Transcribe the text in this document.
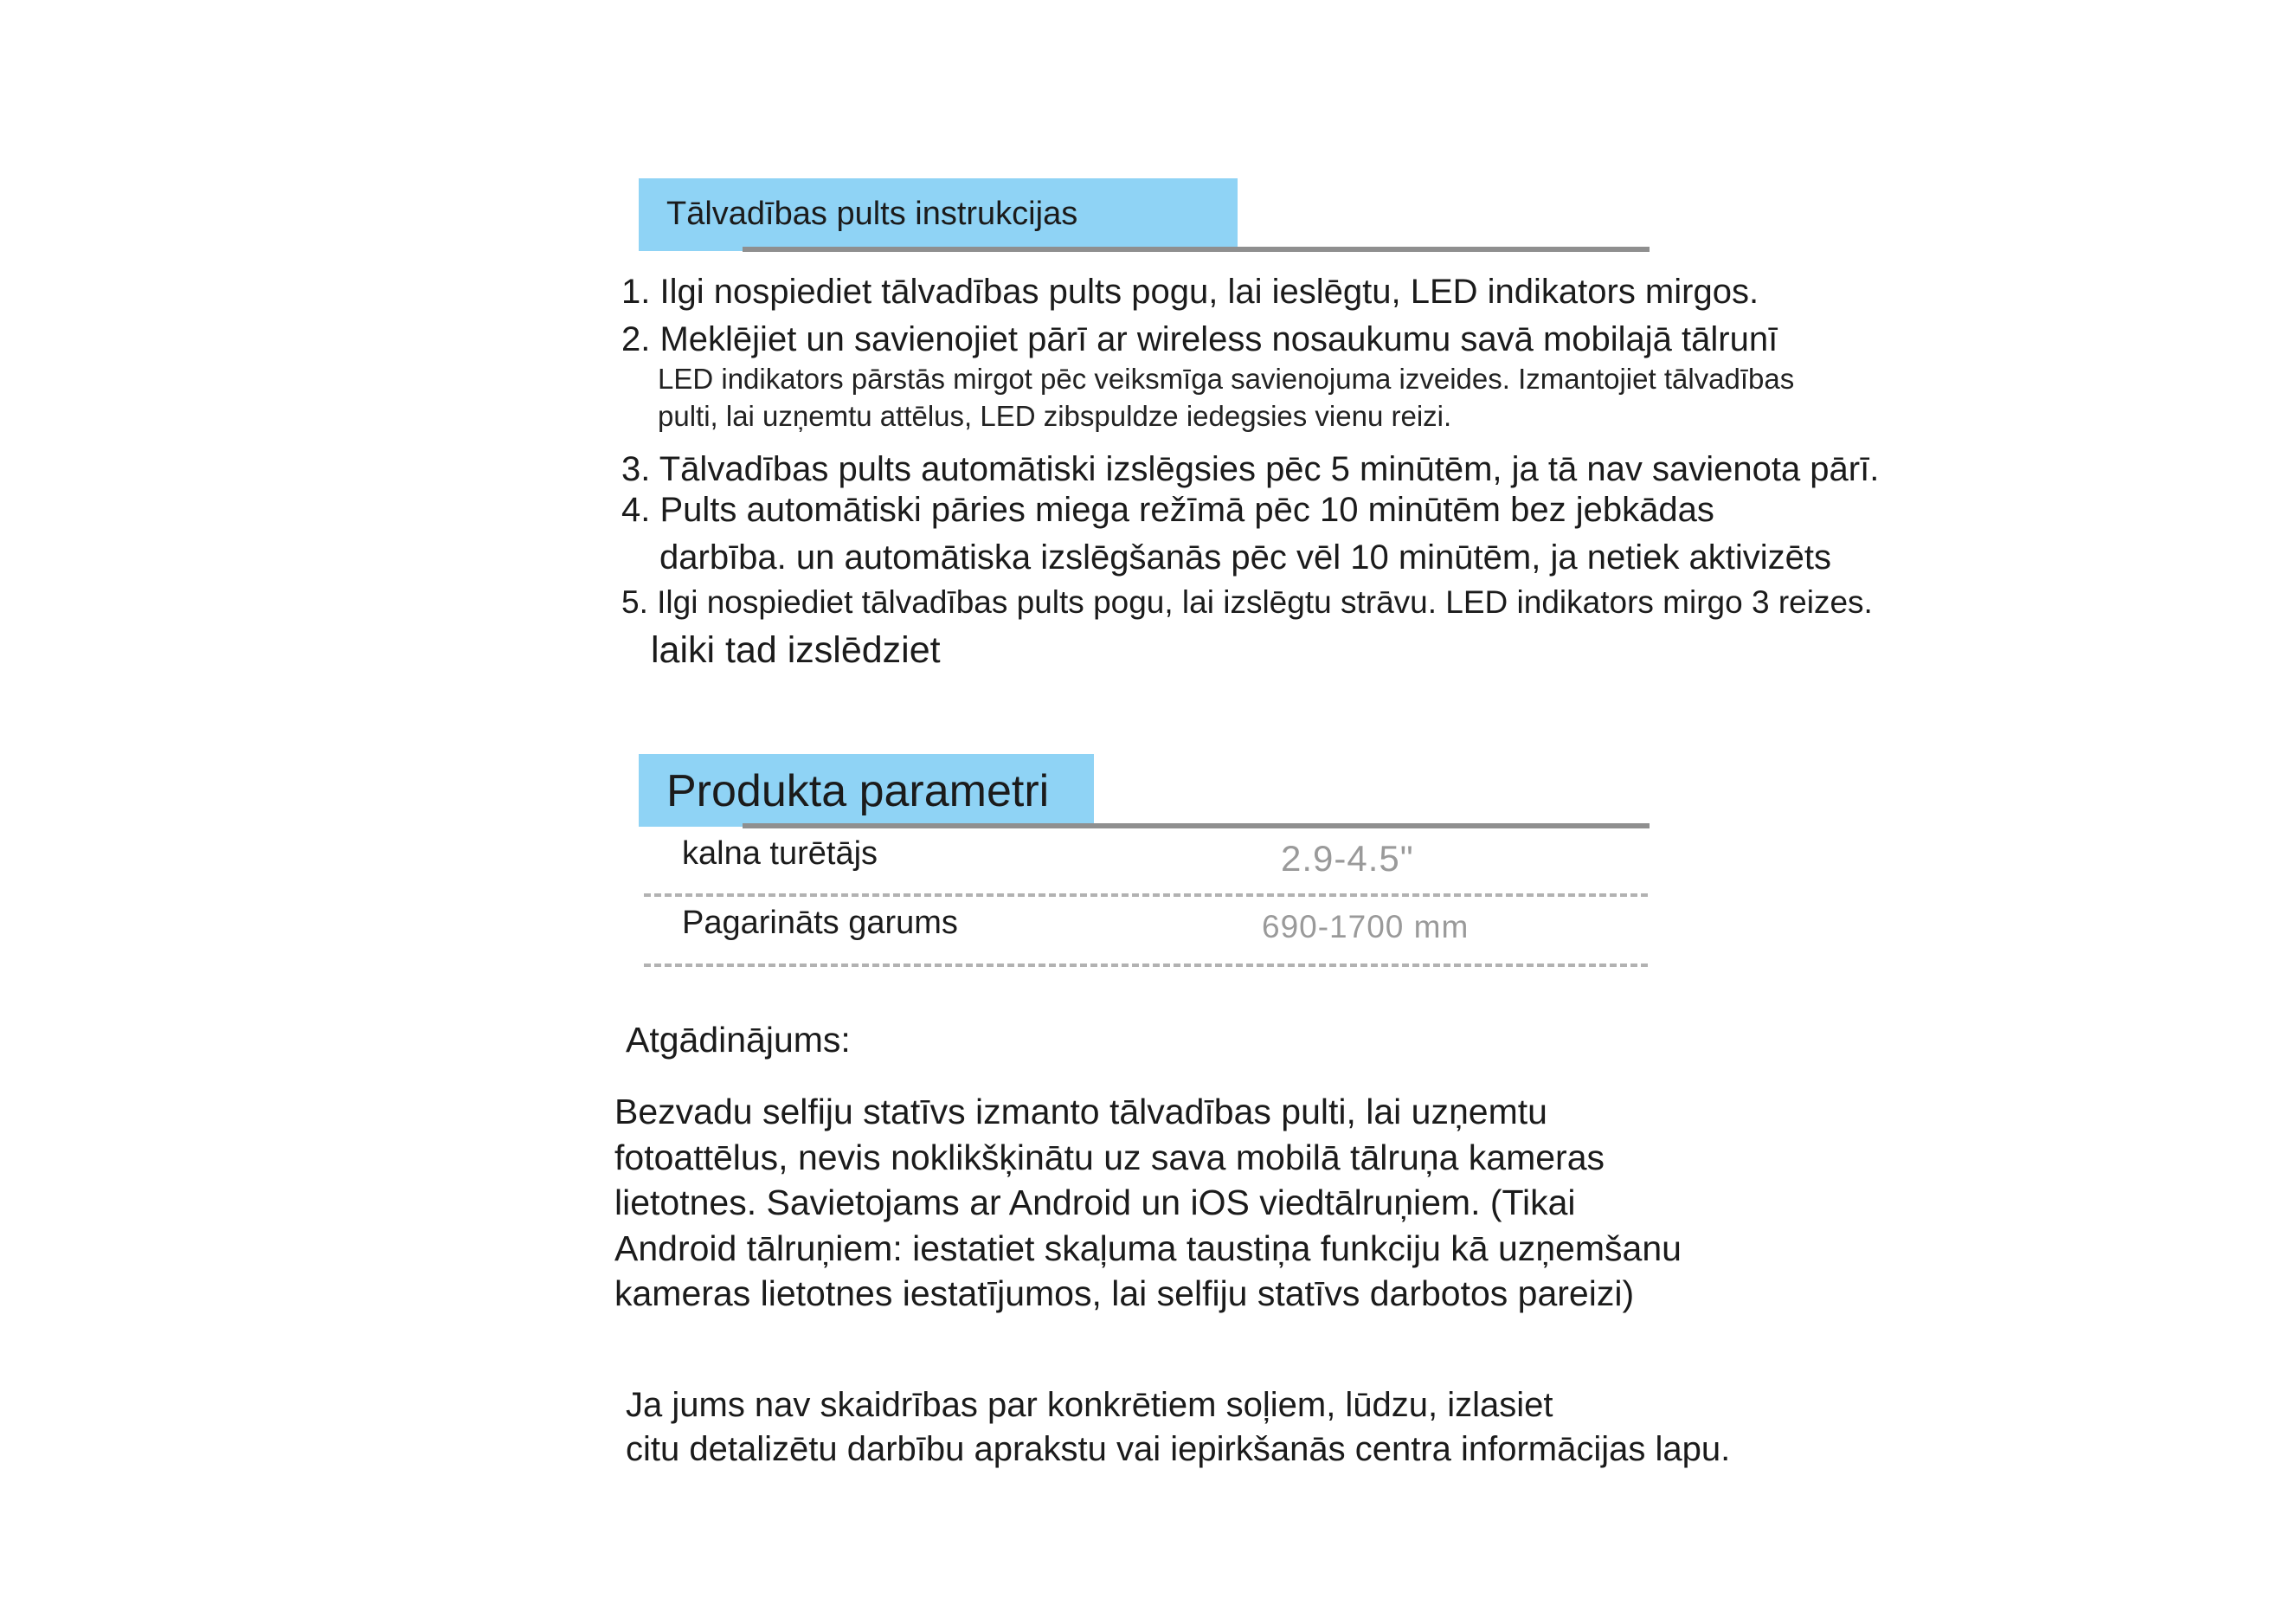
Tālvadības pults instrukcijas
1. Ilgi nospiediet tālvadības pults pogu, lai ieslēgtu, LED indikators mirgos.
2. Meklējiet un savienojiet pārī ar wireless nosaukumu savā mobilajā tālrunī
LED indikators pārstās mirgot pēc veiksmīga savienojuma izveides. Izmantojiet tālvadības
pulti, lai uzņemtu attēlus, LED zibspuldze iedegsies vienu reizi.
3. Tālvadības pults automātiski izslēgsies pēc 5 minūtēm, ja tā nav savienota pārī.
4. Pults automātiski pāries miega režīmā pēc 10 minūtēm bez jebkādas
darbība. un automātiska izslēgšanās pēc vēl 10 minūtēm, ja netiek aktivizēts
5. Ilgi nospiediet tālvadības pults pogu, lai izslēgtu strāvu. LED indikators mirgo 3 reizes.
laiki tad izslēdziet
Produkta parametri
kalna turētājs	2.9-4.5"
Pagarināts garums	690-1700 mm
Atgādinājums:
Bezvadu selfiju statīvs izmanto tālvadības pulti, lai uzņemtu
fotoattēlus, nevis noklikšķinātu uz sava mobilā tālruņa kameras
lietotnes. Savietojams ar Android un iOS viedtālruņiem. (Tikai
Android tālruņiem: iestatiet skaļuma taustiņa funkciju kā uzņemšanu
kameras lietotnes iestatījumos, lai selfiju statīvs darbotos pareizi)
Ja jums nav skaidrības par konkrētiem soļiem, lūdzu, izlasiet
citu detalizētu darbību aprakstu vai iepirkšanās centra informācijas lapu.
